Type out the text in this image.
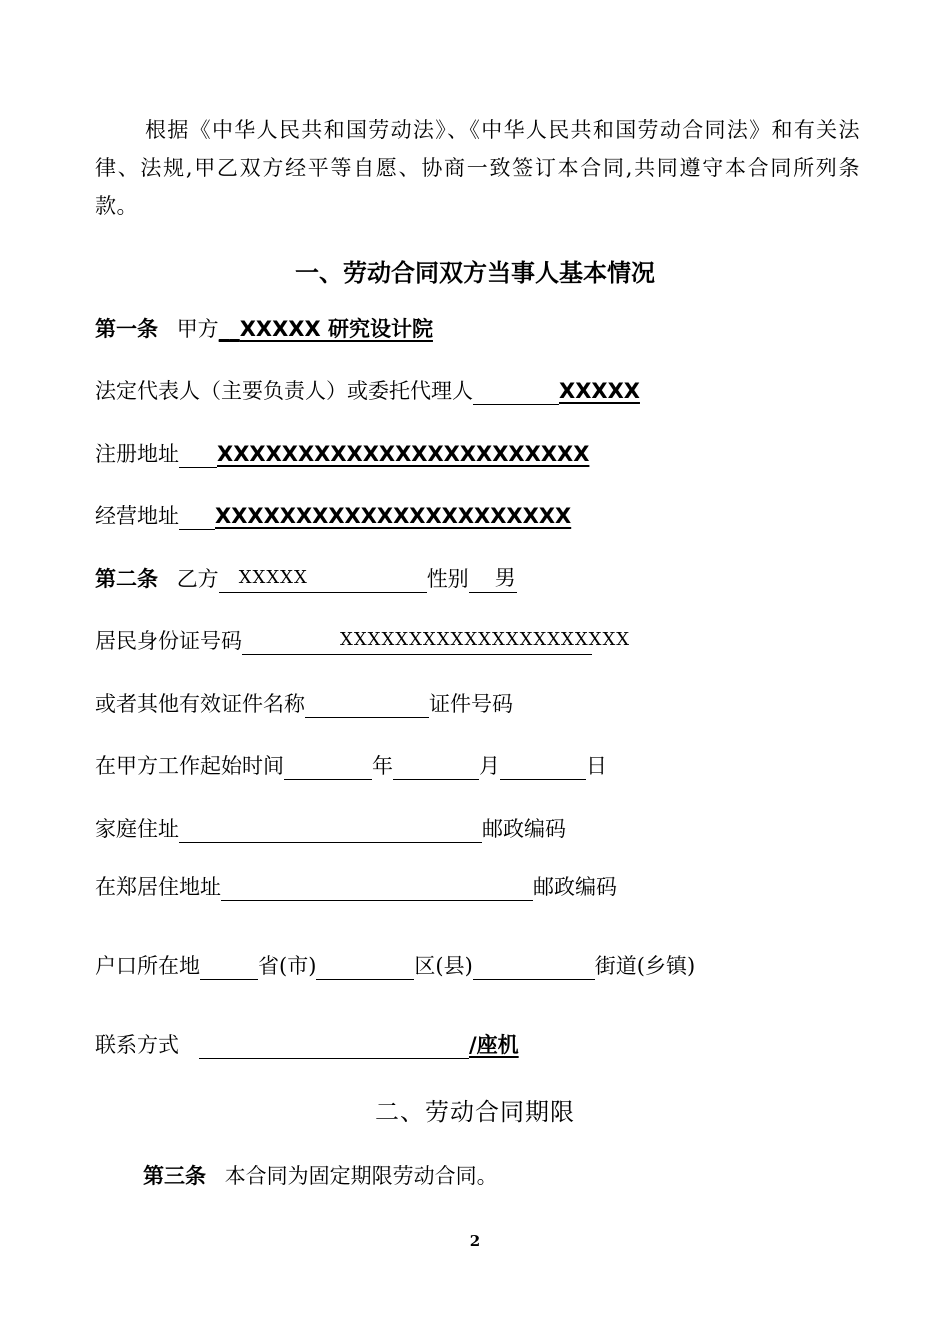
根据《中华人民共和国劳动法》、《中华人民共和国劳动合同法》和有关法律、法规,甲乙双方经平等自愿、协商一致签订本合同,共同遵守本合同所列条款。
一、劳动合同双方当事人基本情况
第一条 甲方__XXXXX 研究设计院
法定代表人（主要负责人）或委托代理人	XXXXX
注册地址 XXXXXXXXXXXXXXXXXXXXXXX
经营地址 XXXXXXXXXXXXXXXXXXXXXX
第二条 乙方 XXXXX	性别 男
居民身份证号码	XXXXXXXXXXXXXXXXXXXXX
或者其他有效证件名称	证件号码
在甲方工作起始时间	年	月	日
家庭住址	邮政编码
在郑居住地址	邮政编码
户口所在地	省(市)	区(县)	街道(乡镇)
联系方式	/座机
二、劳动合同期限
第三条 本合同为固定期限劳动合同。
2
